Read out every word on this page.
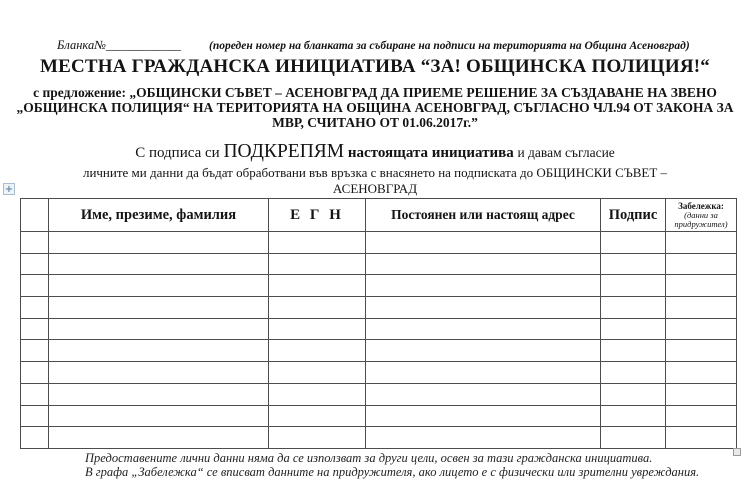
Бланка№____________ (пореден номер на бланката за събиране на подписи на територията на Община Асеновград)
МЕСТНА ГРАЖДАНСКА ИНИЦИАТИВА “ЗА! ОБЩИНСКА ПОЛИЦИЯ!“
с предложение: „ОБЩИНСКИ СЪВЕТ – АСЕНОВГРАД ДА ПРИЕМЕ РЕШЕНИЕ ЗА СЪЗДАВАНЕ НА ЗВЕНО
„ОБЩИНСКА ПОЛИЦИЯ“ НА ТЕРИТОРИЯТА НА ОБЩИНА АСЕНОВГРАД, СЪГЛАСНО ЧЛ.94 ОТ ЗАКОНА ЗА
МВР, СЧИТАНО ОТ 01.06.2017г.”
С подписа си ПОДКРЕПЯМ настоящата инициатива и давам съгласие
личните ми данни да бъдат обработвани във връзка с внасянето на подписката до ОБЩИНСКИ СЪВЕТ –
АСЕНОВГРАД
+
	Име, презиме, фамилия	Е Г Н	Постоянен или настоящ адрес	Подпис	Забележка:
(данни за придружител)

Предоставените лични данни няма да се използват за други цели, освен за тази гражданска инициатива.
В графа „Забележка“ се вписват данните на придружителя, ако лицето е с физически или зрителни увреждания.
